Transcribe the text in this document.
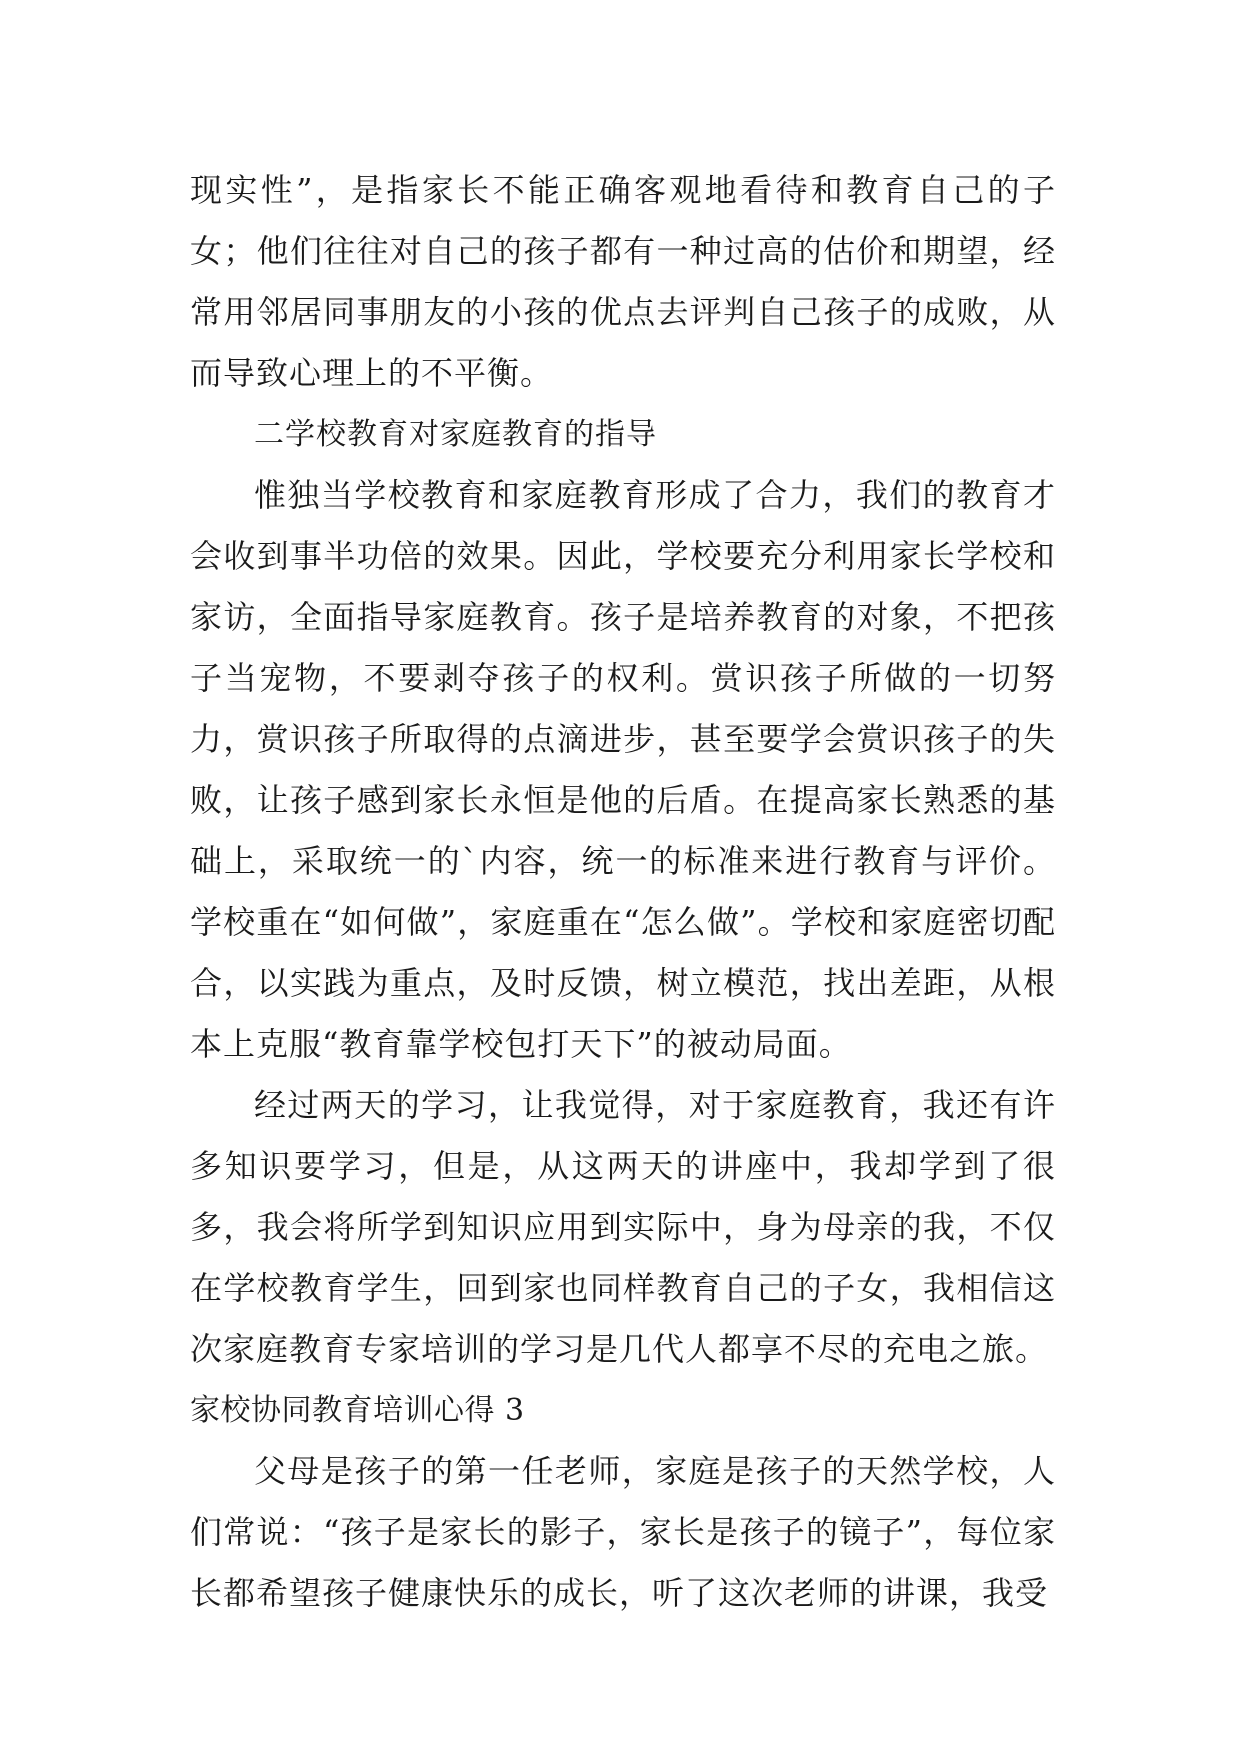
现实性”，是指家长不能正确客观地看待和教育自己的子女；他们往往对自己的孩子都有一种过高的估价和期望，经常用邻居同事朋友的小孩的优点去评判自己孩子的成败，从而导致心理上的不平衡。

二学校教育对家庭教育的指导

惟独当学校教育和家庭教育形成了合力，我们的教育才会收到事半功倍的效果。因此，学校要充分利用家长学校和家访，全面指导家庭教育。孩子是培养教育的对象，不把孩子当宠物，不要剥夺孩子的权利。赏识孩子所做的一切努力，赏识孩子所取得的点滴进步，甚至要学会赏识孩子的失败，让孩子感到家长永恒是他的后盾。在提高家长熟悉的基础上，采取统一的`内容，统一的标准来进行教育与评价。学校重在“如何做”，家庭重在“怎么做”。学校和家庭密切配合，以实践为重点，及时反馈，树立模范，找出差距，从根本上克服“教育靠学校包打天下”的被动局面。

经过两天的学习，让我觉得，对于家庭教育，我还有许多知识要学习，但是，从这两天的讲座中，我却学到了很多，我会将所学到知识应用到实际中，身为母亲的我，不仅在学校教育学生，回到家也同样教育自己的子女，我相信这次家庭教育专家培训的学习是几代人都享不尽的充电之旅。

家校协同教育培训心得 3

父母是孩子的第一任老师，家庭是孩子的天然学校，人们常说：“孩子是家长的影子，家长是孩子的镜子”，每位家长都希望孩子健康快乐的成长，听了这次老师的讲课，我受
